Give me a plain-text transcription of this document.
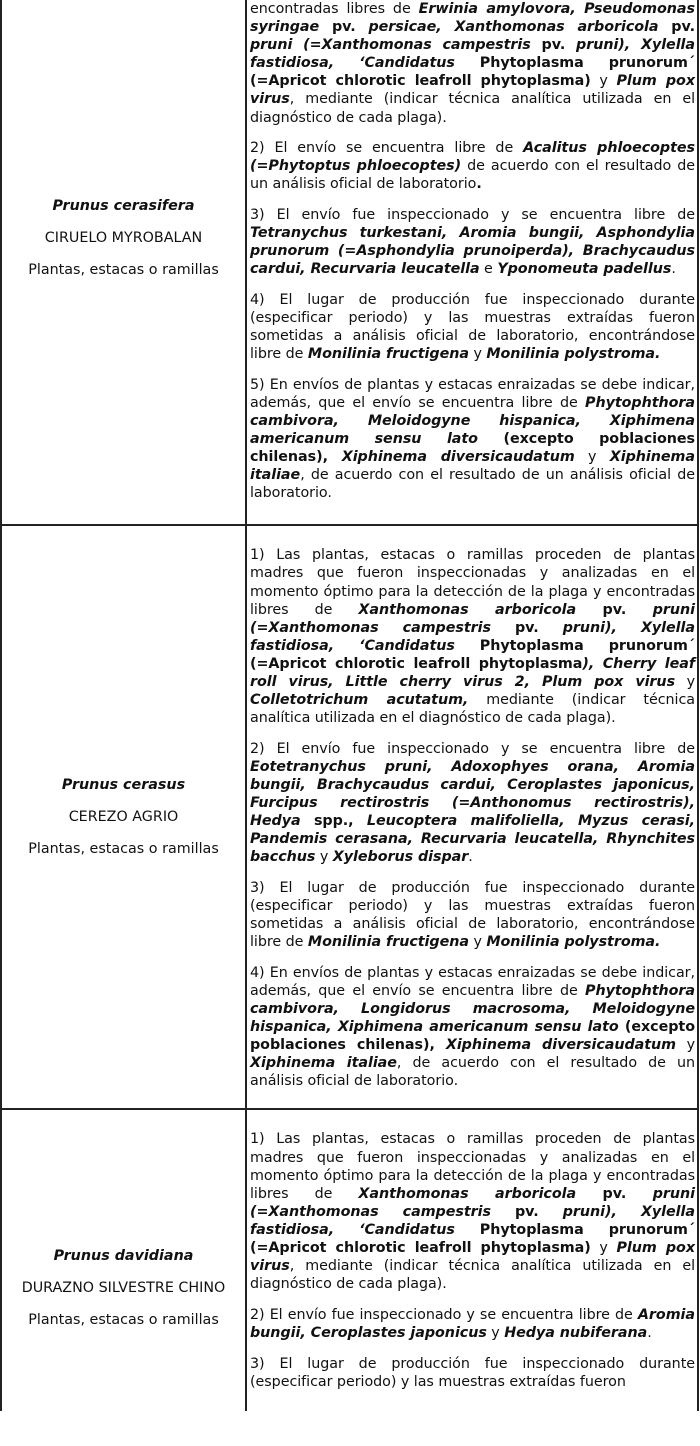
Prunus cerasifera

CIRUELO MYROBALAN

Plantas, estacas o ramillas

encontradas libres de Erwinia amylovora, Pseudomonas syringae pv. persicae, Xanthomonas arboricola pv. pruni (=Xanthomonas campestris pv. pruni), Xylella fastidiosa, ‘Candidatus Phytoplasma prunorum´ (=Apricot chlorotic leafroll phytoplasma) y Plum pox virus, mediante (indicar técnica analítica utilizada en el diagnóstico de cada plaga).

2) El envío se encuentra libre de Acalitus phloecoptes (=Phytoptus phloecoptes) de acuerdo con el resultado de un análisis oficial de laboratorio.

3) El envío fue inspeccionado y se encuentra libre de Tetranychus turkestani, Aromia bungii, Asphondylia prunorum (=Asphondylia prunoiperda), Brachycaudus cardui, Recurvaria leucatella e Yponomeuta padellus.

4) El lugar de producción fue inspeccionado durante (especificar periodo) y las muestras extraídas fueron sometidas a análisis oficial de laboratorio, encontrándose libre de Monilinia fructigena y Monilinia polystroma.

5) En envíos de plantas y estacas enraizadas se debe indicar, además, que el envío se encuentra libre de Phytophthora cambivora, Meloidogyne hispanica, Xiphimena americanum sensu lato (excepto poblaciones chilenas), Xiphinema diversicaudatum y Xiphinema italiae, de acuerdo con el resultado de un análisis oficial de laboratorio.

Prunus cerasus

CEREZO AGRIO

Plantas, estacas o ramillas

1) Las plantas, estacas o ramillas proceden de plantas madres que fueron inspeccionadas y analizadas en el momento óptimo para la detección de la plaga y encontradas libres de Xanthomonas arboricola pv. pruni (=Xanthomonas campestris pv. pruni), Xylella fastidiosa, ‘Candidatus Phytoplasma prunorum´ (=Apricot chlorotic leafroll phytoplasma), Cherry leaf roll virus, Little cherry virus 2, Plum pox virus y Colletotrichum acutatum, mediante (indicar técnica analítica utilizada en el diagnóstico de cada plaga).

2) El envío fue inspeccionado y se encuentra libre de Eotetranychus pruni, Adoxophyes orana, Aromia bungii, Brachycaudus cardui, Ceroplastes japonicus, Furcipus rectirostris (=Anthonomus rectirostris), Hedya spp., Leucoptera malifoliella, Myzus cerasi, Pandemis cerasana, Recurvaria leucatella, Rhynchites bacchus y Xyleborus dispar.

3) El lugar de producción fue inspeccionado durante (especificar periodo) y las muestras extraídas fueron sometidas a análisis oficial de laboratorio, encontrándose libre de Monilinia fructigena y Monilinia polystroma.

4) En envíos de plantas y estacas enraizadas se debe indicar, además, que el envío se encuentra libre de Phytophthora cambivora, Longidorus macrosoma, Meloidogyne hispanica, Xiphimena americanum sensu lato (excepto poblaciones chilenas), Xiphinema diversicaudatum y Xiphinema italiae, de acuerdo con el resultado de un análisis oficial de laboratorio.

Prunus davidiana

DURAZNO SILVESTRE CHINO

Plantas, estacas o ramillas

1) Las plantas, estacas o ramillas proceden de plantas madres que fueron inspeccionadas y analizadas en el momento óptimo para la detección de la plaga y encontradas libres de Xanthomonas arboricola pv. pruni (=Xanthomonas campestris pv. pruni), Xylella fastidiosa, ‘Candidatus Phytoplasma prunorum´ (=Apricot chlorotic leafroll phytoplasma) y Plum pox virus, mediante (indicar técnica analítica utilizada en el diagnóstico de cada plaga).

2) El envío fue inspeccionado y se encuentra libre de Aromia bungii, Ceroplastes japonicus y Hedya nubiferana.

3) El lugar de producción fue inspeccionado durante (especificar periodo) y las muestras extraídas fueron
